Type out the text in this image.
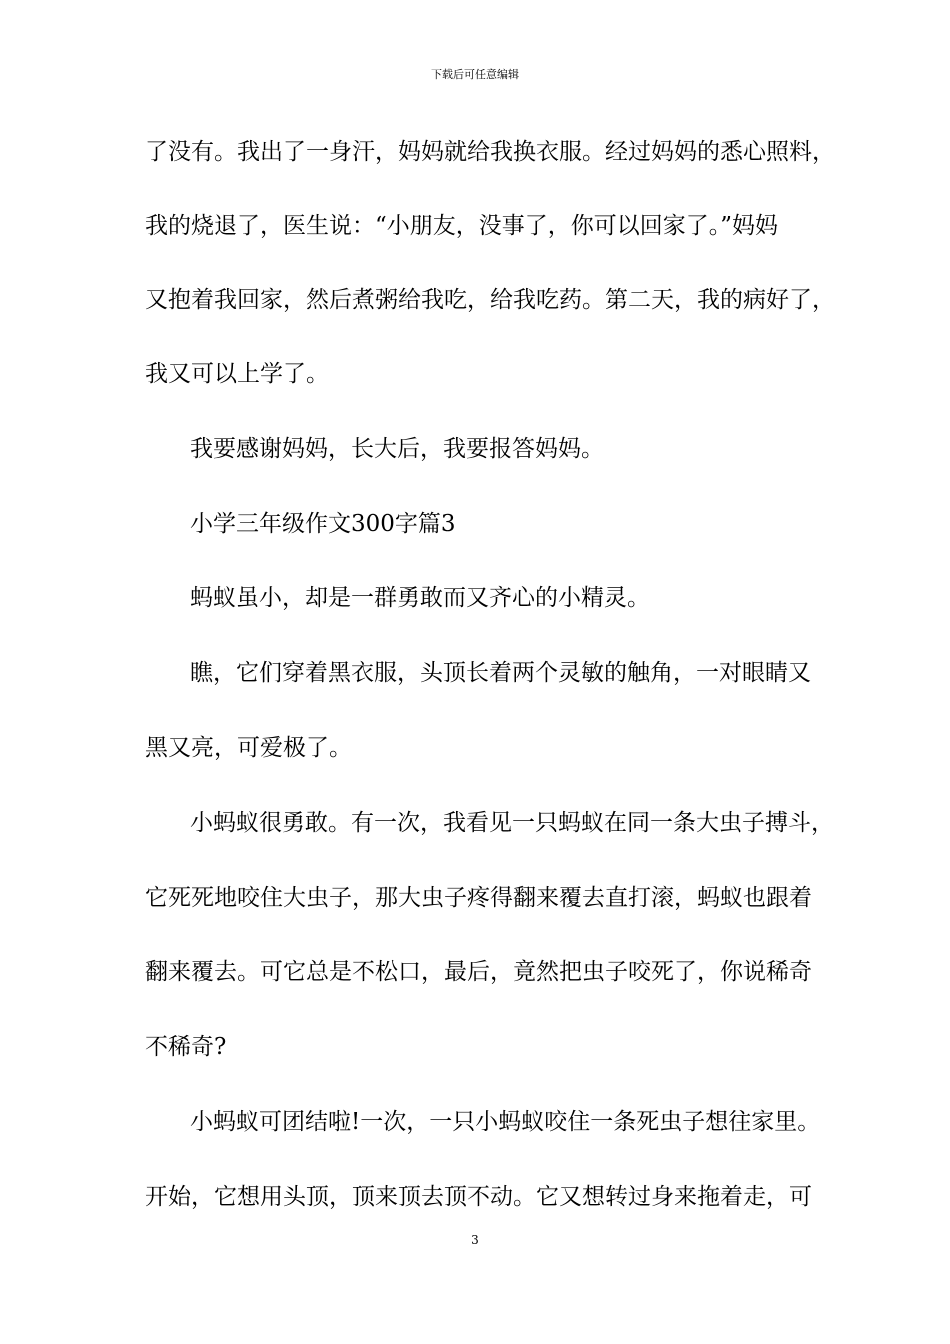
下载后可任意编辑
了没有。我出了一身汗，妈妈就给我换衣服。经过妈妈的悉心照料，
我的烧退了，医生说：“小朋友，没事了，你可以回家了。”妈妈
又抱着我回家，然后煮粥给我吃，给我吃药。第二天，我的病好了，
我又可以上学了。
我要感谢妈妈，长大后，我要报答妈妈。
小学三年级作文300字篇3
蚂蚁虽小，却是一群勇敢而又齐心的小精灵。
瞧，它们穿着黑衣服，头顶长着两个灵敏的触角，一对眼睛又
黑又亮，可爱极了。
小蚂蚁很勇敢。有一次，我看见一只蚂蚁在同一条大虫子搏斗，
它死死地咬住大虫子，那大虫子疼得翻来覆去直打滚，蚂蚁也跟着
翻来覆去。可它总是不松口，最后，竟然把虫子咬死了，你说稀奇
不稀奇?
小蚂蚁可团结啦!一次，一只小蚂蚁咬住一条死虫子想往家里。
开始，它想用头顶，顶来顶去顶不动。它又想转过身来拖着走，可
3
